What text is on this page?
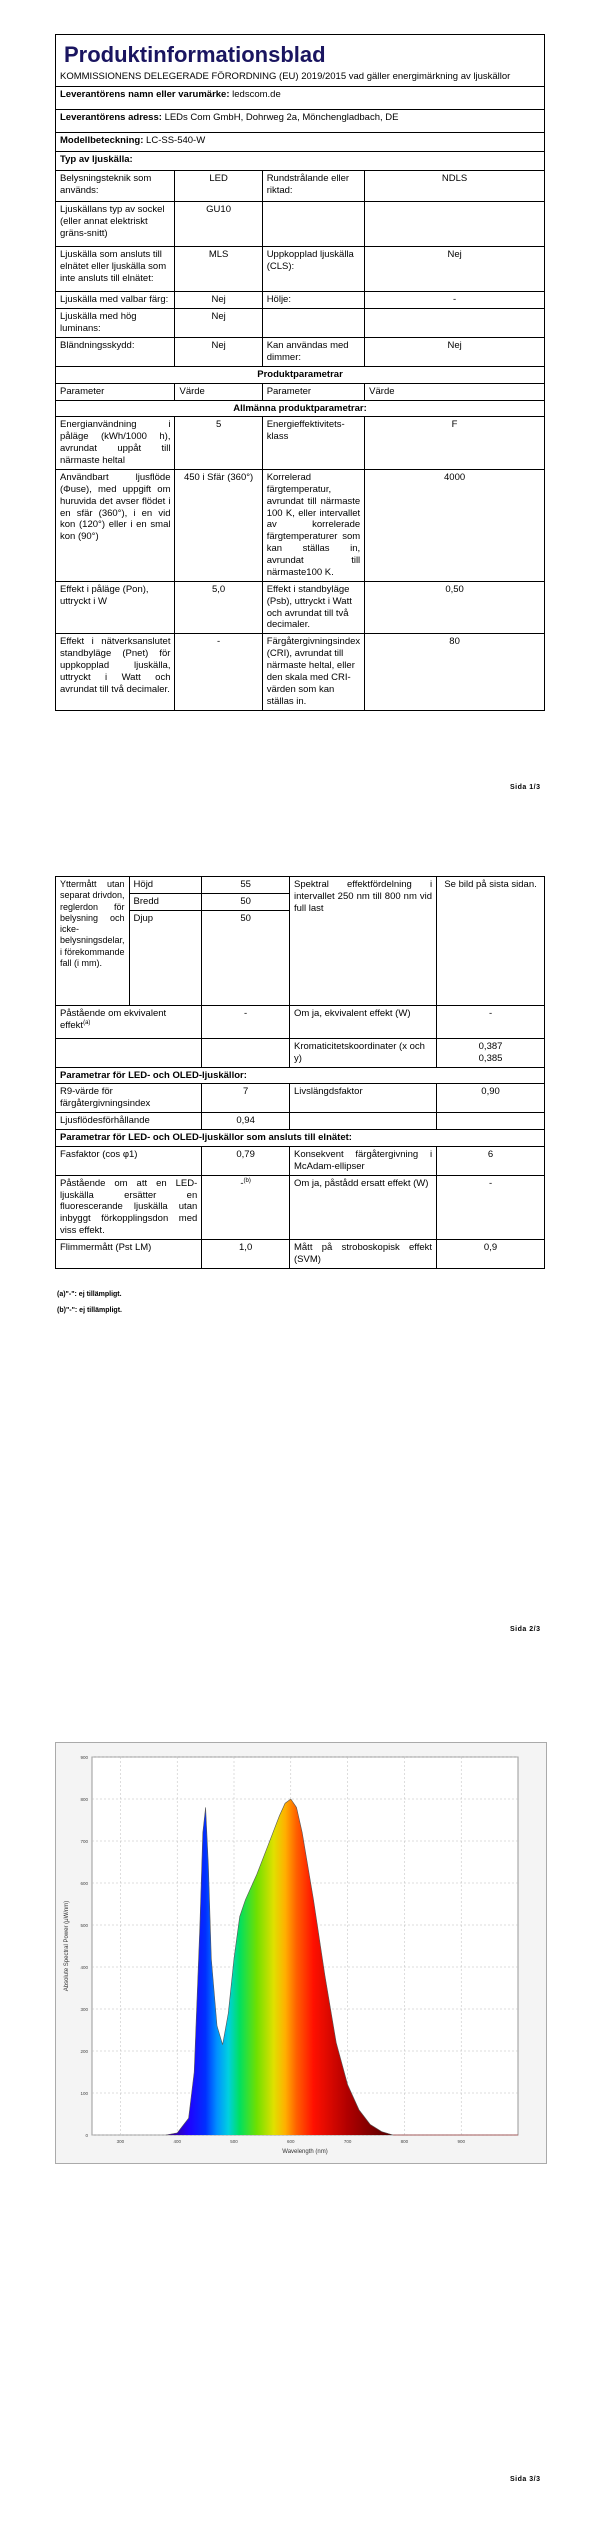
Produktinformationsblad
KOMMISSIONENS DELEGERADE FÖRORDNING (EU) 2019/2015 vad gäller energimärkning av ljuskällor			

Leverantörens namn eller varumärke: ledscom.de			
Leverantörens adress: LEDs Com GmbH, Dohrweg 2a, Mönchengladbach, DE			
Modellbeteckning: LC-SS-540-W			
Typ av ljuskälla:			
Belysningsteknik som används:	LED	Rundstrålande eller riktad:	NDLS
Ljuskällans typ av sockel (eller annat elektriskt gräns-snitt)	GU10		
Ljuskälla som ansluts till elnätet eller ljuskälla som inte ansluts till elnätet:	MLS	Uppkopplad ljuskälla (CLS):	Nej
Ljuskälla med valbar färg:	Nej	Hölje:	-
Ljuskälla med hög luminans:	Nej		
Bländningsskydd:	Nej	Kan användas med dimmer:	Nej
Produktparametrar			
Parameter	Värde	Parameter	Värde
Allmänna produktparametrar:			
Energianvändning i påläge (kWh/1000 h), avrundat uppåt till närmaste heltal	5	Energieffektivitets-klass	F
Användbart ljusflöde (Φuse), med uppgift om huruvida det avser flödet i en sfär (360°), i en vid kon (120°) eller i en smal kon (90°)	450 i Sfär (360°)	Korrelerad färgtemperatur, avrundat till närmaste 100 K, eller intervallet av korrelerade färgtemperaturer som kan ställas in, avrundat till närmaste100 K.	4000
Effekt i påläge (Pon), uttryckt i W	5,0	Effekt i standbyläge (Psb), uttryckt i Watt och avrundat till två decimaler.	0,50
Effekt i nätverksanslutet standbyläge (Pnet) för uppkopplad ljuskälla, uttryckt i Watt och avrundat till två decimaler.	-	Färgåtergivningsindex (CRI), avrundat till närmaste heltal, eller den skala med CRI-värden som kan ställas in.	80
Sida 1/3
Yttermått utan separat drivdon, reglerdon för belysning och icke-belysningsdelar, i förekommande fall (i mm).	Höjd	55	Spektral effektfördelning i intervallet 250 nm till 800 nm vid full last	Se bild på sista sidan.
	Bredd	50		
	Djup	50		
Påstående om ekvivalent effekt$^{(a)}$		-	Om ja, ekvivalent effekt (W)	-
			Kromaticitetskoordinater (x och y)	0,387
0,385

Parametrar för LED- och OLED-ljuskällor:				
R9-värde för färgåtergivningsindex		7	Livslängdsfaktor	0,90
Ljusflödesförhållande		0,94		
Parametrar för LED- och OLED-ljuskällor som ansluts till elnätet:				
Fasfaktor (cos φ1)		0,79	Konsekvent färgåtergivning i McAdam-ellipser	6
Påstående om att en LED-ljuskälla ersätter en fluorescerande ljuskälla utan inbyggt förkopplingsdon med viss effekt.		-$^{(b)}$	Om ja, påstådd ersatt effekt (W)	-
Flimmermått (Pst LM)		1,0	Mått på stroboskopisk effekt (SVM)	0,9
(a)"-": ej tillämpligt.
(b)"-": ej tillämpligt.
Sida 2/3
0
100
200
300
400
500
600
700
800
900
300	400	500	600	700	800	900
Wavelength (nm)
Absolute Spectral Power (μW/nm)
Sida 3/3
